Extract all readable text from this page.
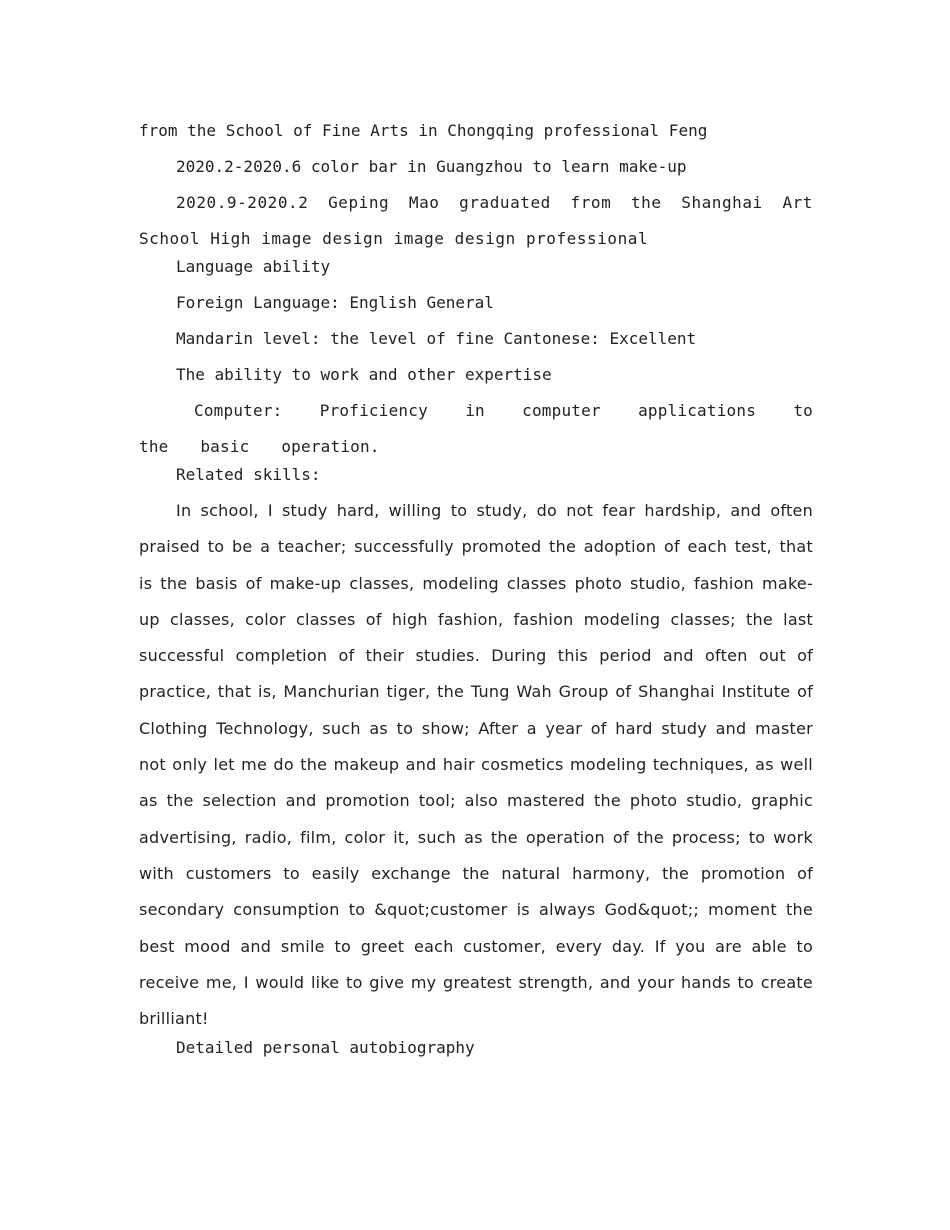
from the School of Fine Arts in Chongqing professional Feng

2020.2-2020.6 color bar in Guangzhou to learn make-up

2020.9-2020.2 Geping Mao graduated from the Shanghai Art School High image design image design professional

Language ability

Foreign Language: English General

Mandarin level: the level of fine Cantonese: Excellent

The ability to work and other expertise

Computer: Proficiency in computer applications to the basic operation.

Related skills:

In school, I study hard, willing to study, do not fear hardship, and often praised to be a teacher; successfully promoted the adoption of each test, that is the basis of make-up classes, modeling classes photo studio, fashion make-up classes, color classes of high fashion, fashion modeling classes; the last successful completion of their studies. During this period and often out of practice, that is, Manchurian tiger, the Tung Wah Group of Shanghai Institute of Clothing Technology, such as to show; After a year of hard study and master not only let me do the makeup and hair cosmetics modeling techniques, as well as the selection and promotion tool; also mastered the photo studio, graphic advertising, radio, film, color it, such as the operation of the process; to work with customers to easily exchange the natural harmony, the promotion of secondary consumption to &quot;customer is always God&quot;; moment the best mood and smile to greet each customer, every day. If you are able to receive me, I would like to give my greatest strength, and your hands to create brilliant!

Detailed personal autobiography
